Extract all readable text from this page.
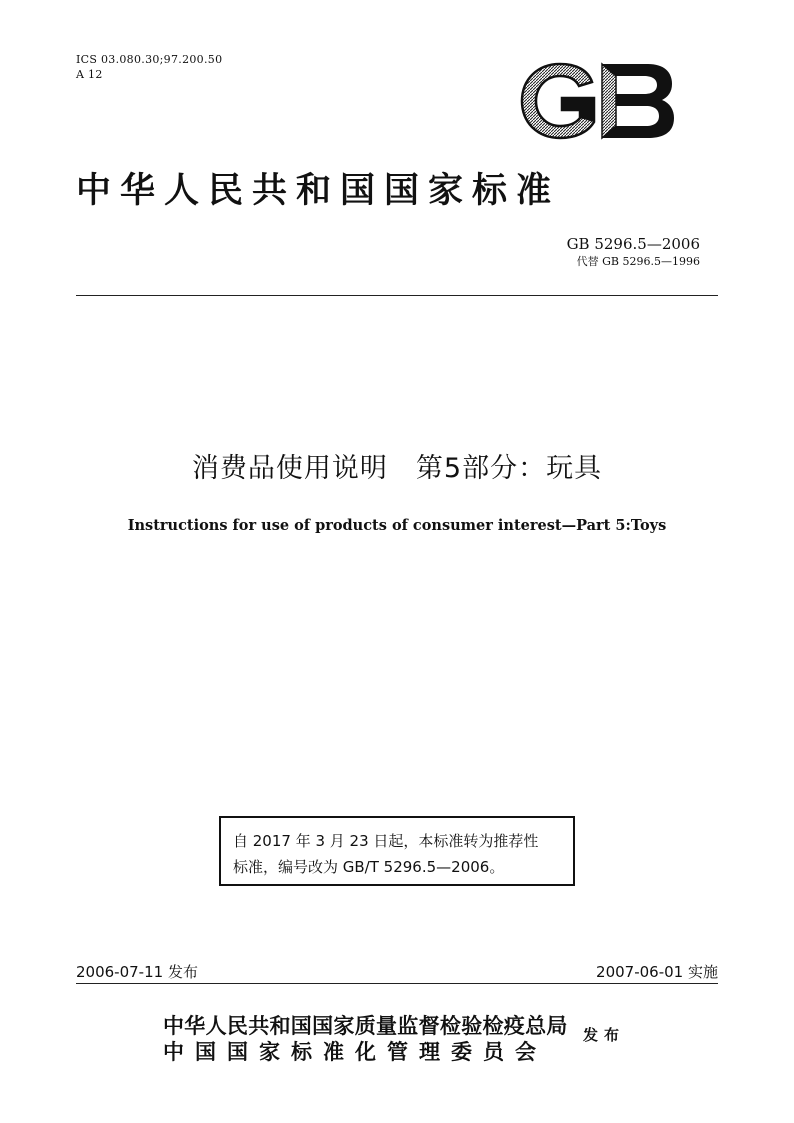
ICS 03.080.30;97.200.50
A 12
中华人民共和国国家标准
GB 5296.5—2006
代替 GB 5296.5—1996
消费品使用说明　第5部分：玩具
Instructions for use of products of consumer interest—Part 5:Toys
自 2017 年 3 月 23 日起，本标准转为推荐性
标准，编号改为 GB/T 5296.5—2006。
2006-07-11 发布	2007-06-01 实施
中华人民共和国国家质量监督检验检疫总局
中国国家标准化管理委员会
发布
